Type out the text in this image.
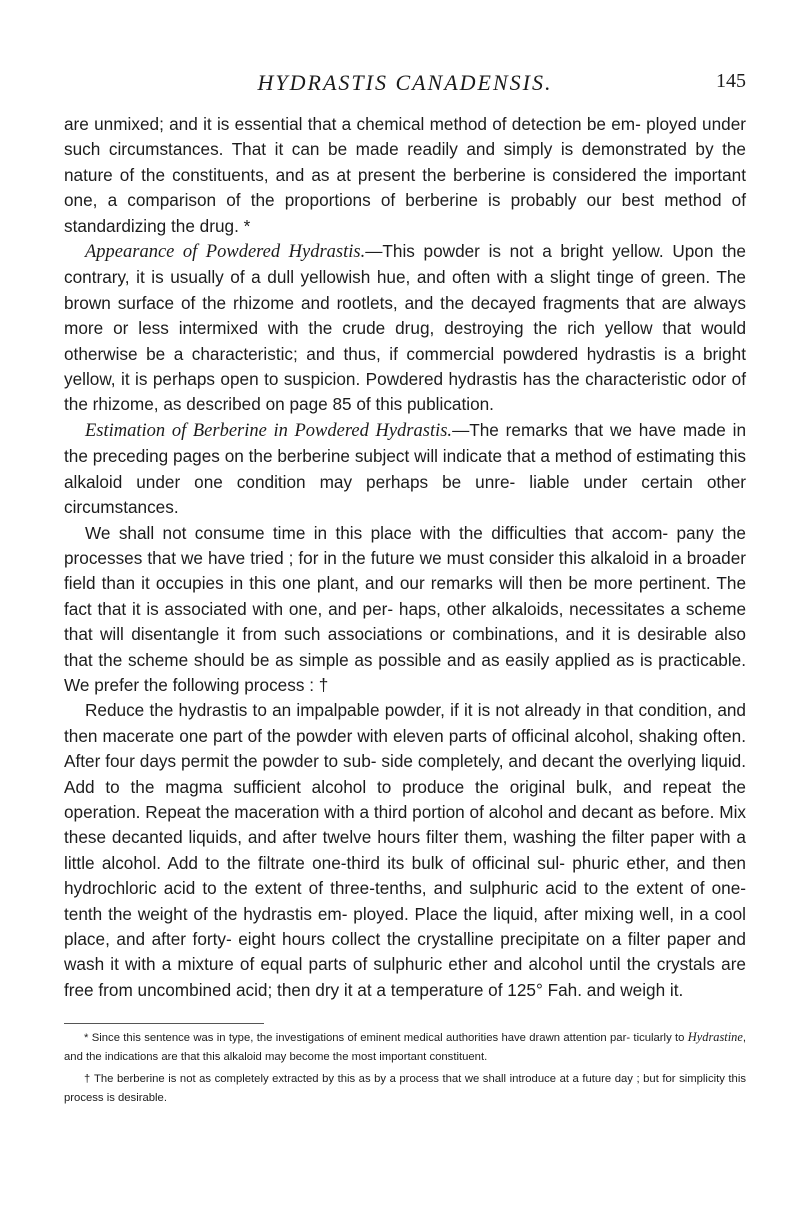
HYDRASTIS CANADENSIS.	145

are unmixed; and it is essential that a chemical method of detection be em- ployed under such circumstances. That it can be made readily and simply is demonstrated by the nature of the constituents, and as at present the berberine is considered the important one, a comparison of the proportions of berberine is probably our best method of standardizing the drug. *

Appearance of Powdered Hydrastis.—This powder is not a bright yellow. Upon the contrary, it is usually of a dull yellowish hue, and often with a slight tinge of green. The brown surface of the rhizome and rootlets, and the decayed fragments that are always more or less intermixed with the crude drug, destroying the rich yellow that would otherwise be a characteristic; and thus, if commercial powdered hydrastis is a bright yellow, it is perhaps open to suspicion. Powdered hydrastis has the characteristic odor of the rhizome, as described on page 85 of this publication.

Estimation of Berberine in Powdered Hydrastis.—The remarks that we have made in the preceding pages on the berberine subject will indicate that a method of estimating this alkaloid under one condition may perhaps be unre- liable under certain other circumstances.

We shall not consume time in this place with the difficulties that accom- pany the processes that we have tried ; for in the future we must consider this alkaloid in a broader field than it occupies in this one plant, and our remarks will then be more pertinent. The fact that it is associated with one, and per- haps, other alkaloids, necessitates a scheme that will disentangle it from such associations or combinations, and it is desirable also that the scheme should be as simple as possible and as easily applied as is practicable. We prefer the following process : †

Reduce the hydrastis to an impalpable powder, if it is not already in that condition, and then macerate one part of the powder with eleven parts of officinal alcohol, shaking often. After four days permit the powder to sub- side completely, and decant the overlying liquid. Add to the magma sufficient alcohol to produce the original bulk, and repeat the operation. Repeat the maceration with a third portion of alcohol and decant as before. Mix these decanted liquids, and after twelve hours filter them, washing the filter paper with a little alcohol. Add to the filtrate one-third its bulk of officinal sul- phuric ether, and then hydrochloric acid to the extent of three-tenths, and sulphuric acid to the extent of one-tenth the weight of the hydrastis em- ployed. Place the liquid, after mixing well, in a cool place, and after forty- eight hours collect the crystalline precipitate on a filter paper and wash it with a mixture of equal parts of sulphuric ether and alcohol until the crystals are free from uncombined acid; then dry it at a temperature of 125° Fah. and weigh it.

* Since this sentence was in type, the investigations of eminent medical authorities have drawn attention par- ticularly to Hydrastine, and the indications are that this alkaloid may become the most important constituent.

† The berberine is not as completely extracted by this as by a process that we shall introduce at a future day ; but for simplicity this process is desirable.
